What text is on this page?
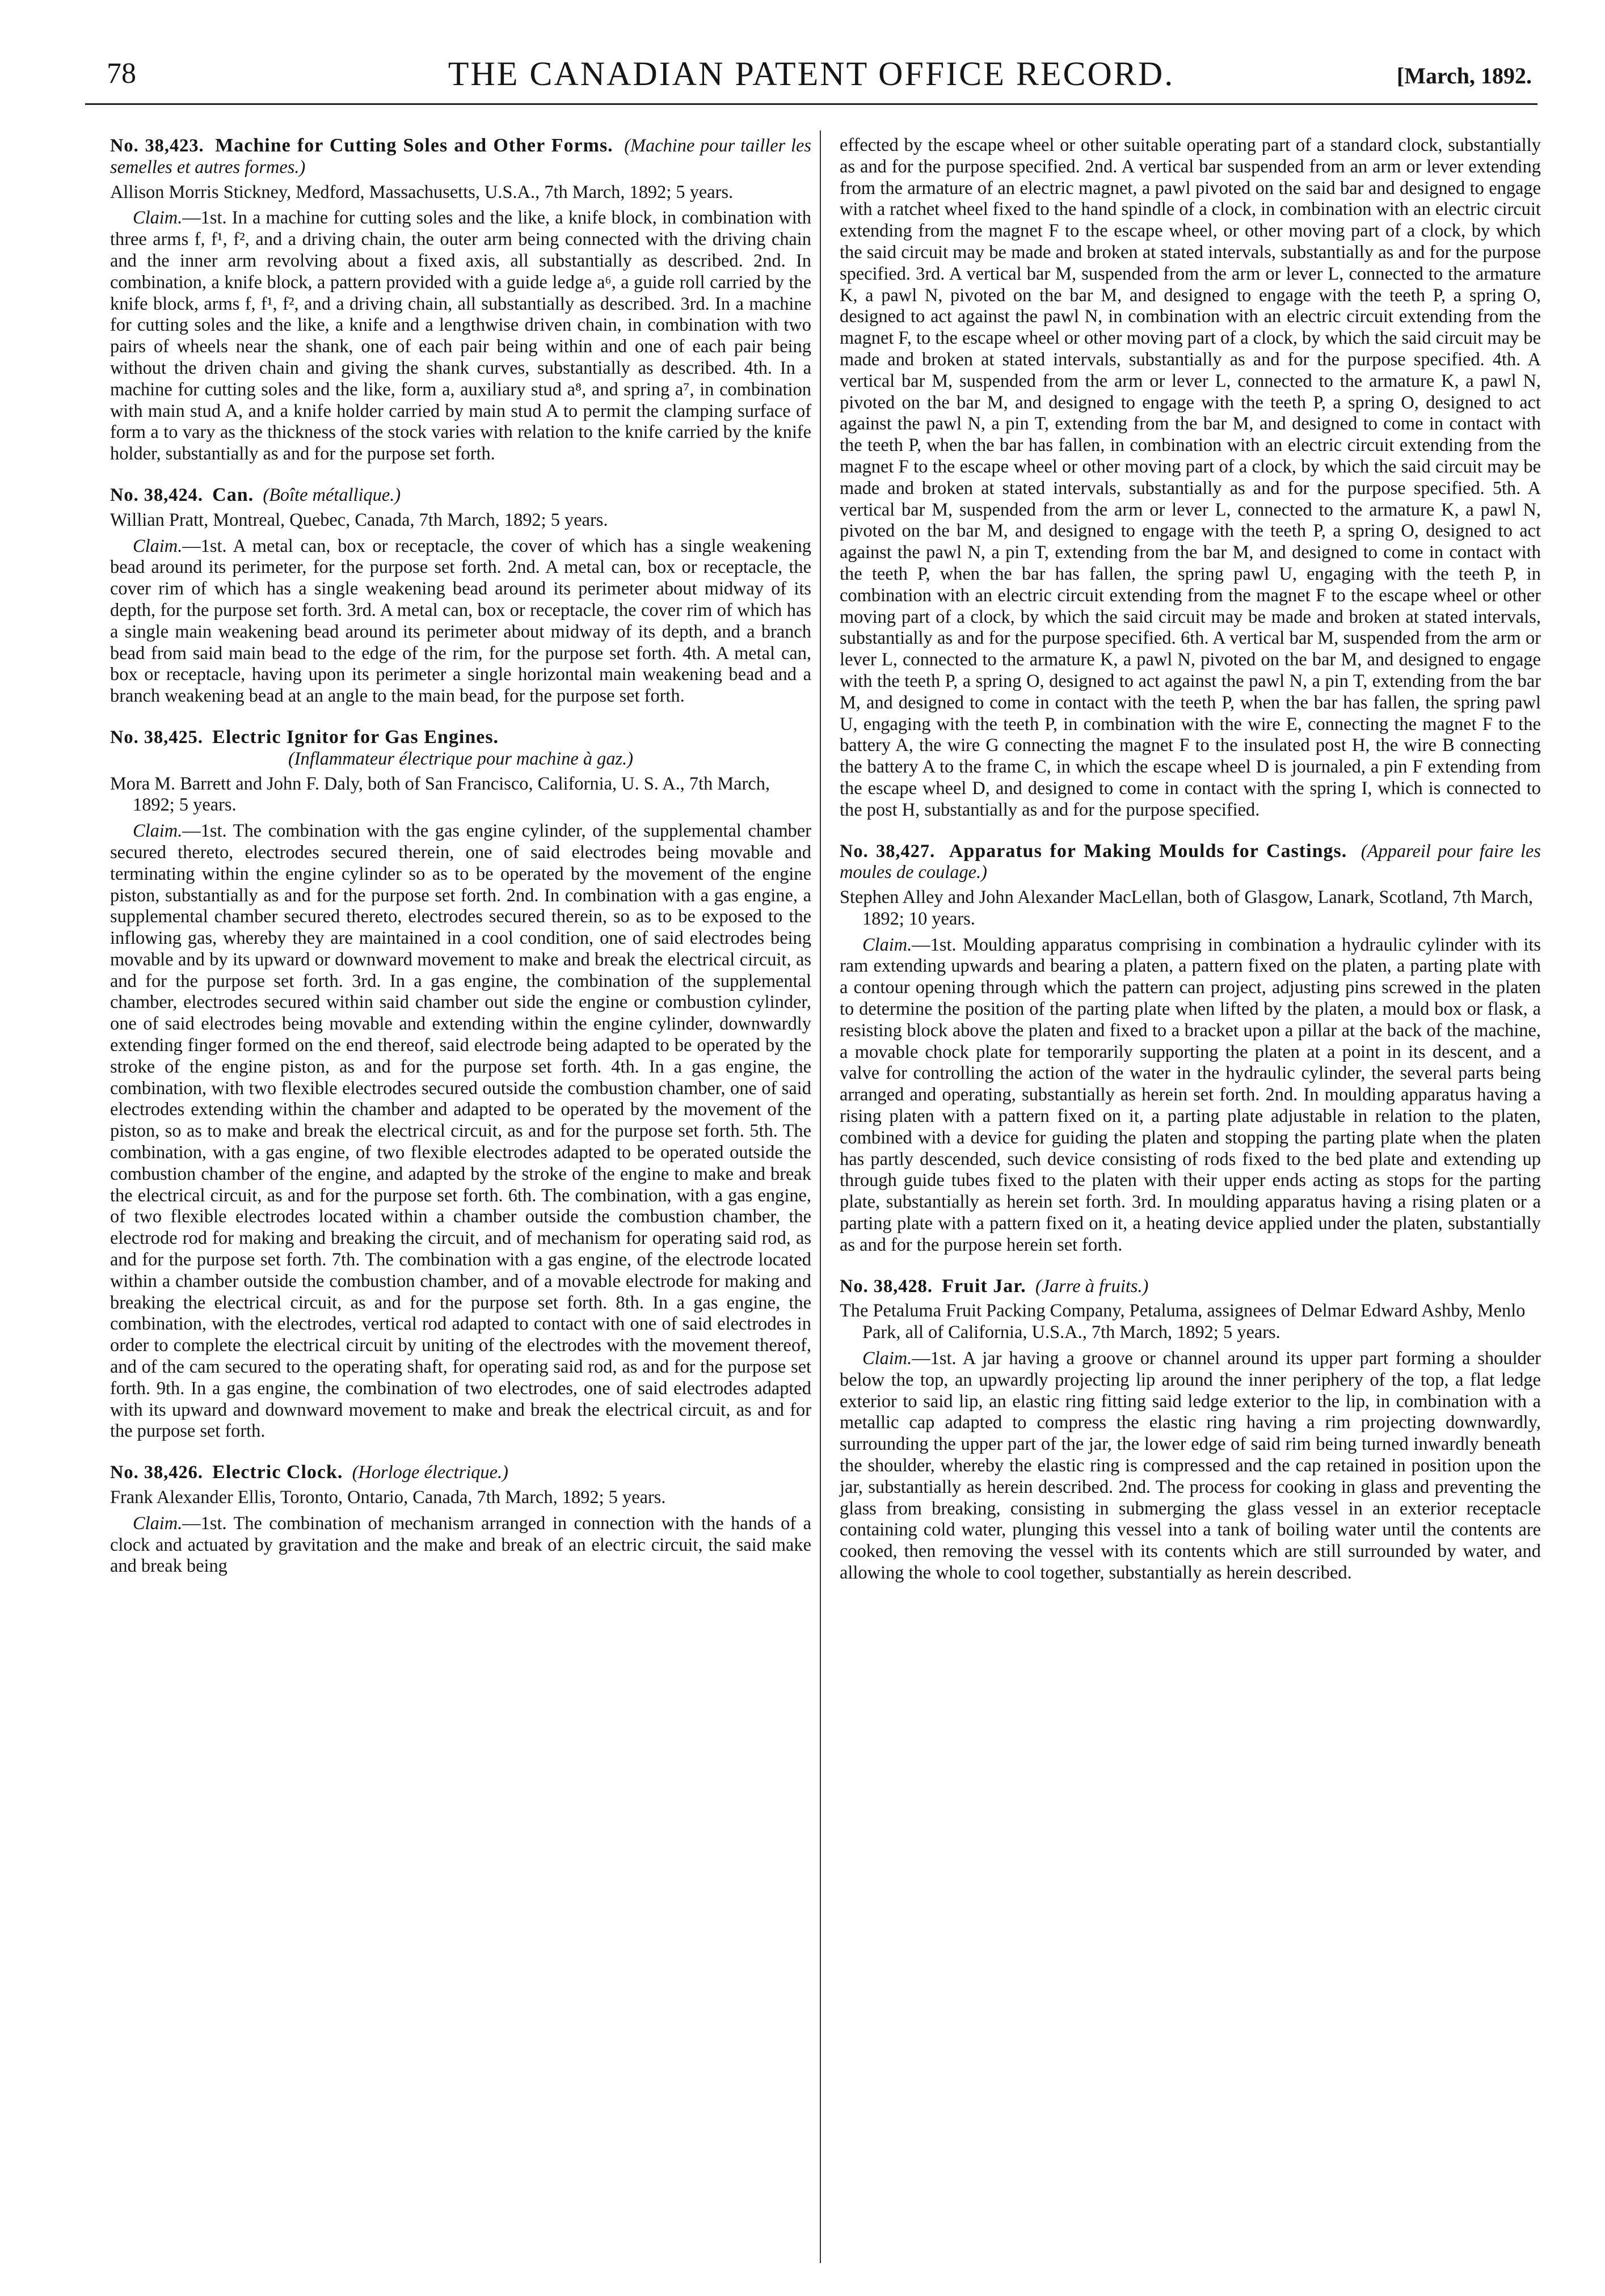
78	THE CANADIAN PATENT OFFICE RECORD.	[March, 1892.

No. 38,423. Machine for Cutting Soles and Other Forms. (Machine pour tailler les semelles et autres formes.)

Allison Morris Stickney, Medford, Massachusetts, U.S.A., 7th March, 1892; 5 years.

Claim.—1st. In a machine for cutting soles and the like, a knife block, in combination with three arms f, f¹, f², and a driving chain, the outer arm being connected with the driving chain and the inner arm revolving about a fixed axis, all substantially as described. 2nd. In combination, a knife block, a pattern provided with a guide ledge a⁶, a guide roll carried by the knife block, arms f, f¹, f², and a driving chain, all substantially as described. 3rd. In a machine for cutting soles and the like, a knife and a lengthwise driven chain, in combination with two pairs of wheels near the shank, one of each pair being within and one of each pair being without the driven chain and giving the shank curves, substantially as described. 4th. In a machine for cutting soles and the like, form a, auxiliary stud a⁸, and spring a⁷, in combination with main stud A, and a knife holder carried by main stud A to permit the clamping surface of form a to vary as the thickness of the stock varies with relation to the knife carried by the knife holder, substantially as and for the purpose set forth.

No. 38,424. Can. (Boîte métallique.)

Willian Pratt, Montreal, Quebec, Canada, 7th March, 1892; 5 years.

Claim.—1st. A metal can, box or receptacle, the cover of which has a single weakening bead around its perimeter, for the purpose set forth. 2nd. A metal can, box or receptacle, the cover rim of which has a single weakening bead around its perimeter about midway of its depth, for the purpose set forth. 3rd. A metal can, box or receptacle, the cover rim of which has a single main weakening bead around its perimeter about midway of its depth, and a branch bead from said main bead to the edge of the rim, for the purpose set forth. 4th. A metal can, box or receptacle, having upon its perimeter a single horizontal main weakening bead and a branch weakening bead at an angle to the main bead, for the purpose set forth.

No. 38,425. Electric Ignitor for Gas Engines.

(Inflammateur électrique pour machine à gaz.)

Mora M. Barrett and John F. Daly, both of San Francisco, California, U. S. A., 7th March, 1892; 5 years.

Claim.—1st. The combination with the gas engine cylinder, of the supplemental chamber secured thereto, electrodes secured therein, one of said electrodes being movable and terminating within the engine cylinder so as to be operated by the movement of the engine piston, substantially as and for the purpose set forth. 2nd. In combination with a gas engine, a supplemental chamber secured thereto, electrodes secured therein, so as to be exposed to the inflowing gas, whereby they are maintained in a cool condition, one of said electrodes being movable and by its upward or downward movement to make and break the electrical circuit, as and for the purpose set forth. 3rd. In a gas engine, the combination of the supplemental chamber, electrodes secured within said chamber out side the engine or combustion cylinder, one of said electrodes being movable and extending within the engine cylinder, downwardly extending finger formed on the end thereof, said electrode being adapted to be operated by the stroke of the engine piston, as and for the purpose set forth. 4th. In a gas engine, the combination, with two flexible electrodes secured outside the combustion chamber, one of said electrodes extending within the chamber and adapted to be operated by the movement of the piston, so as to make and break the electrical circuit, as and for the purpose set forth. 5th. The combination, with a gas engine, of two flexible electrodes adapted to be operated outside the combustion chamber of the engine, and adapted by the stroke of the engine to make and break the electrical circuit, as and for the purpose set forth. 6th. The combination, with a gas engine, of two flexible electrodes located within a chamber outside the combustion chamber, the electrode rod for making and breaking the circuit, and of mechanism for operating said rod, as and for the purpose set forth. 7th. The combination with a gas engine, of the electrode located within a chamber outside the combustion chamber, and of a movable electrode for making and breaking the electrical circuit, as and for the purpose set forth. 8th. In a gas engine, the combination, with the electrodes, vertical rod adapted to contact with one of said electrodes in order to complete the electrical circuit by uniting of the electrodes with the movement thereof, and of the cam secured to the operating shaft, for operating said rod, as and for the purpose set forth. 9th. In a gas engine, the combination of two electrodes, one of said electrodes adapted with its upward and downward movement to make and break the electrical circuit, as and for the purpose set forth.

No. 38,426. Electric Clock. (Horloge électrique.)

Frank Alexander Ellis, Toronto, Ontario, Canada, 7th March, 1892; 5 years.

Claim.—1st. The combination of mechanism arranged in connection with the hands of a clock and actuated by gravitation and the make and break of an electric circuit, the said make and break being

effected by the escape wheel or other suitable operating part of a standard clock, substantially as and for the purpose specified. 2nd. A vertical bar suspended from an arm or lever extending from the armature of an electric magnet, a pawl pivoted on the said bar and designed to engage with a ratchet wheel fixed to the hand spindle of a clock, in combination with an electric circuit extending from the magnet F to the escape wheel, or other moving part of a clock, by which the said circuit may be made and broken at stated intervals, substantially as and for the purpose specified. 3rd. A vertical bar M, suspended from the arm or lever L, connected to the armature K, a pawl N, pivoted on the bar M, and designed to engage with the teeth P, a spring O, designed to act against the pawl N, in combination with an electric circuit extending from the magnet F, to the escape wheel or other moving part of a clock, by which the said circuit may be made and broken at stated intervals, substantially as and for the purpose specified. 4th. A vertical bar M, suspended from the arm or lever L, connected to the armature K, a pawl N, pivoted on the bar M, and designed to engage with the teeth P, a spring O, designed to act against the pawl N, a pin T, extending from the bar M, and designed to come in contact with the teeth P, when the bar has fallen, in combination with an electric circuit extending from the magnet F to the escape wheel or other moving part of a clock, by which the said circuit may be made and broken at stated intervals, substantially as and for the purpose specified. 5th. A vertical bar M, suspended from the arm or lever L, connected to the armature K, a pawl N, pivoted on the bar M, and designed to engage with the teeth P, a spring O, designed to act against the pawl N, a pin T, extending from the bar M, and designed to come in contact with the teeth P, when the bar has fallen, the spring pawl U, engaging with the teeth P, in combination with an electric circuit extending from the magnet F to the escape wheel or other moving part of a clock, by which the said circuit may be made and broken at stated intervals, substantially as and for the purpose specified. 6th. A vertical bar M, suspended from the arm or lever L, connected to the armature K, a pawl N, pivoted on the bar M, and designed to engage with the teeth P, a spring O, designed to act against the pawl N, a pin T, extending from the bar M, and designed to come in contact with the teeth P, when the bar has fallen, the spring pawl U, engaging with the teeth P, in combination with the wire E, connecting the magnet F to the battery A, the wire G connecting the magnet F to the insulated post H, the wire B connecting the battery A to the frame C, in which the escape wheel D is journaled, a pin F extending from the escape wheel D, and designed to come in contact with the spring I, which is connected to the post H, substantially as and for the purpose specified.

No. 38,427. Apparatus for Making Moulds for Castings. (Appareil pour faire les moules de coulage.)

Stephen Alley and John Alexander MacLellan, both of Glasgow, Lanark, Scotland, 7th March, 1892; 10 years.

Claim.—1st. Moulding apparatus comprising in combination a hydraulic cylinder with its ram extending upwards and bearing a platen, a pattern fixed on the platen, a parting plate with a contour opening through which the pattern can project, adjusting pins screwed in the platen to determine the position of the parting plate when lifted by the platen, a mould box or flask, a resisting block above the platen and fixed to a bracket upon a pillar at the back of the machine, a movable chock plate for temporarily supporting the platen at a point in its descent, and a valve for controlling the action of the water in the hydraulic cylinder, the several parts being arranged and operating, substantially as herein set forth. 2nd. In moulding apparatus having a rising platen with a pattern fixed on it, a parting plate adjustable in relation to the platen, combined with a device for guiding the platen and stopping the parting plate when the platen has partly descended, such device consisting of rods fixed to the bed plate and extending up through guide tubes fixed to the platen with their upper ends acting as stops for the parting plate, substantially as herein set forth. 3rd. In moulding apparatus having a rising platen or a parting plate with a pattern fixed on it, a heating device applied under the platen, substantially as and for the purpose herein set forth.

No. 38,428. Fruit Jar. (Jarre à fruits.)

The Petaluma Fruit Packing Company, Petaluma, assignees of Delmar Edward Ashby, Menlo Park, all of California, U.S.A., 7th March, 1892; 5 years.

Claim.—1st. A jar having a groove or channel around its upper part forming a shoulder below the top, an upwardly projecting lip around the inner periphery of the top, a flat ledge exterior to said lip, an elastic ring fitting said ledge exterior to the lip, in combination with a metallic cap adapted to compress the elastic ring having a rim projecting downwardly, surrounding the upper part of the jar, the lower edge of said rim being turned inwardly beneath the shoulder, whereby the elastic ring is compressed and the cap retained in position upon the jar, substantially as herein described. 2nd. The process for cooking in glass and preventing the glass from breaking, consisting in submerging the glass vessel in an exterior receptacle containing cold water, plunging this vessel into a tank of boiling water until the contents are cooked, then removing the vessel with its contents which are still surrounded by water, and allowing the whole to cool together, substantially as herein described.
